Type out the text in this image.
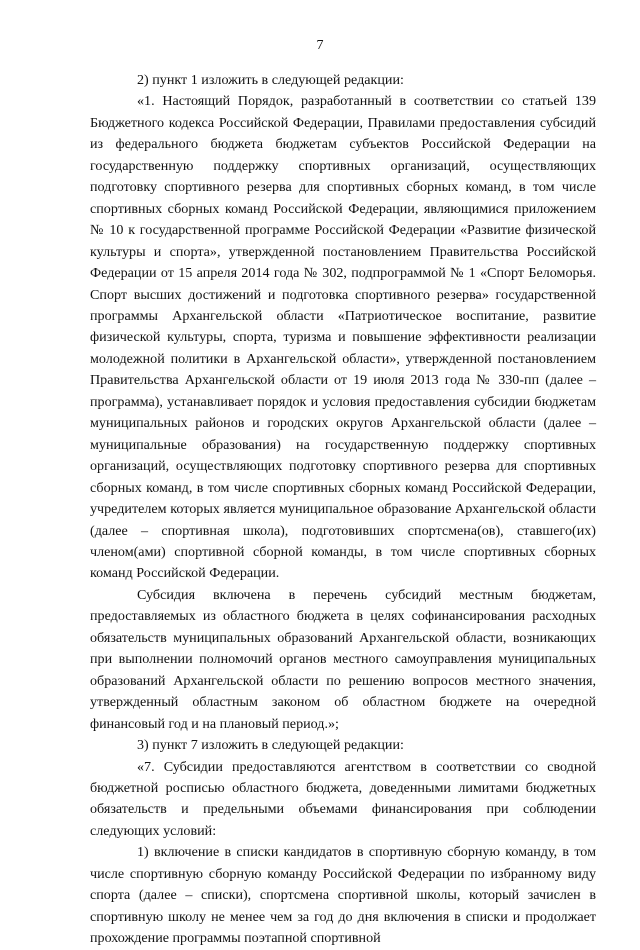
7

2) пункт 1 изложить в следующей редакции:

«1. Настоящий Порядок, разработанный в соответствии со статьей 139 Бюджетного кодекса Российской Федерации, Правилами предоставления субсидий из федерального бюджета бюджетам субъектов Российской Федерации на государственную поддержку спортивных организаций, осуществляющих подготовку спортивного резерва для спортивных сборных команд, в том числе спортивных сборных команд Российской Федерации, являющимися приложением № 10 к государственной программе Российской Федерации «Развитие физической культуры и спорта», утвержденной постановлением Правительства Российской Федерации от 15 апреля 2014 года № 302, подпрограммой № 1 «Спорт Беломорья. Спорт высших достижений и подготовка спортивного резерва» государственной программы Архангельской области «Патриотическое воспитание, развитие физической культуры, спорта, туризма и повышение эффективности реализации молодежной политики в Архангельской области», утвержденной постановлением Правительства Архангельской области от 19 июля 2013 года № 330-пп (далее – программа), устанавливает порядок и условия предоставления субсидии бюджетам муниципальных районов и городских округов Архангельской области (далее – муниципальные образования) на государственную поддержку спортивных организаций, осуществляющих подготовку спортивного резерва для спортивных сборных команд, в том числе спортивных сборных команд Российской Федерации, учредителем которых является муниципальное образование Архангельской области (далее – спортивная школа), подготовивших спортсмена(ов), ставшего(их) членом(ами) спортивной сборной команды, в том числе спортивных сборных команд Российской Федерации.

Субсидия включена в перечень субсидий местным бюджетам, предоставляемых из областного бюджета в целях софинансирования расходных обязательств муниципальных образований Архангельской области, возникающих при выполнении полномочий органов местного самоуправления муниципальных образований Архангельской области по решению вопросов местного значения, утвержденный областным законом об областном бюджете на очередной финансовый год и на плановый период.»;

3) пункт 7 изложить в следующей редакции:

«7. Субсидии предоставляются агентством в соответствии со сводной бюджетной росписью областного бюджета, доведенными лимитами бюджетных обязательств и предельными объемами финансирования при соблюдении следующих условий:

1) включение в списки кандидатов в спортивную сборную команду, в том числе спортивную сборную команду Российской Федерации по избранному виду спорта (далее – списки), спортсмена спортивной школы, который зачислен в спортивную школу не менее чем за год до дня включения в списки и продолжает прохождение программы поэтапной спортивной
